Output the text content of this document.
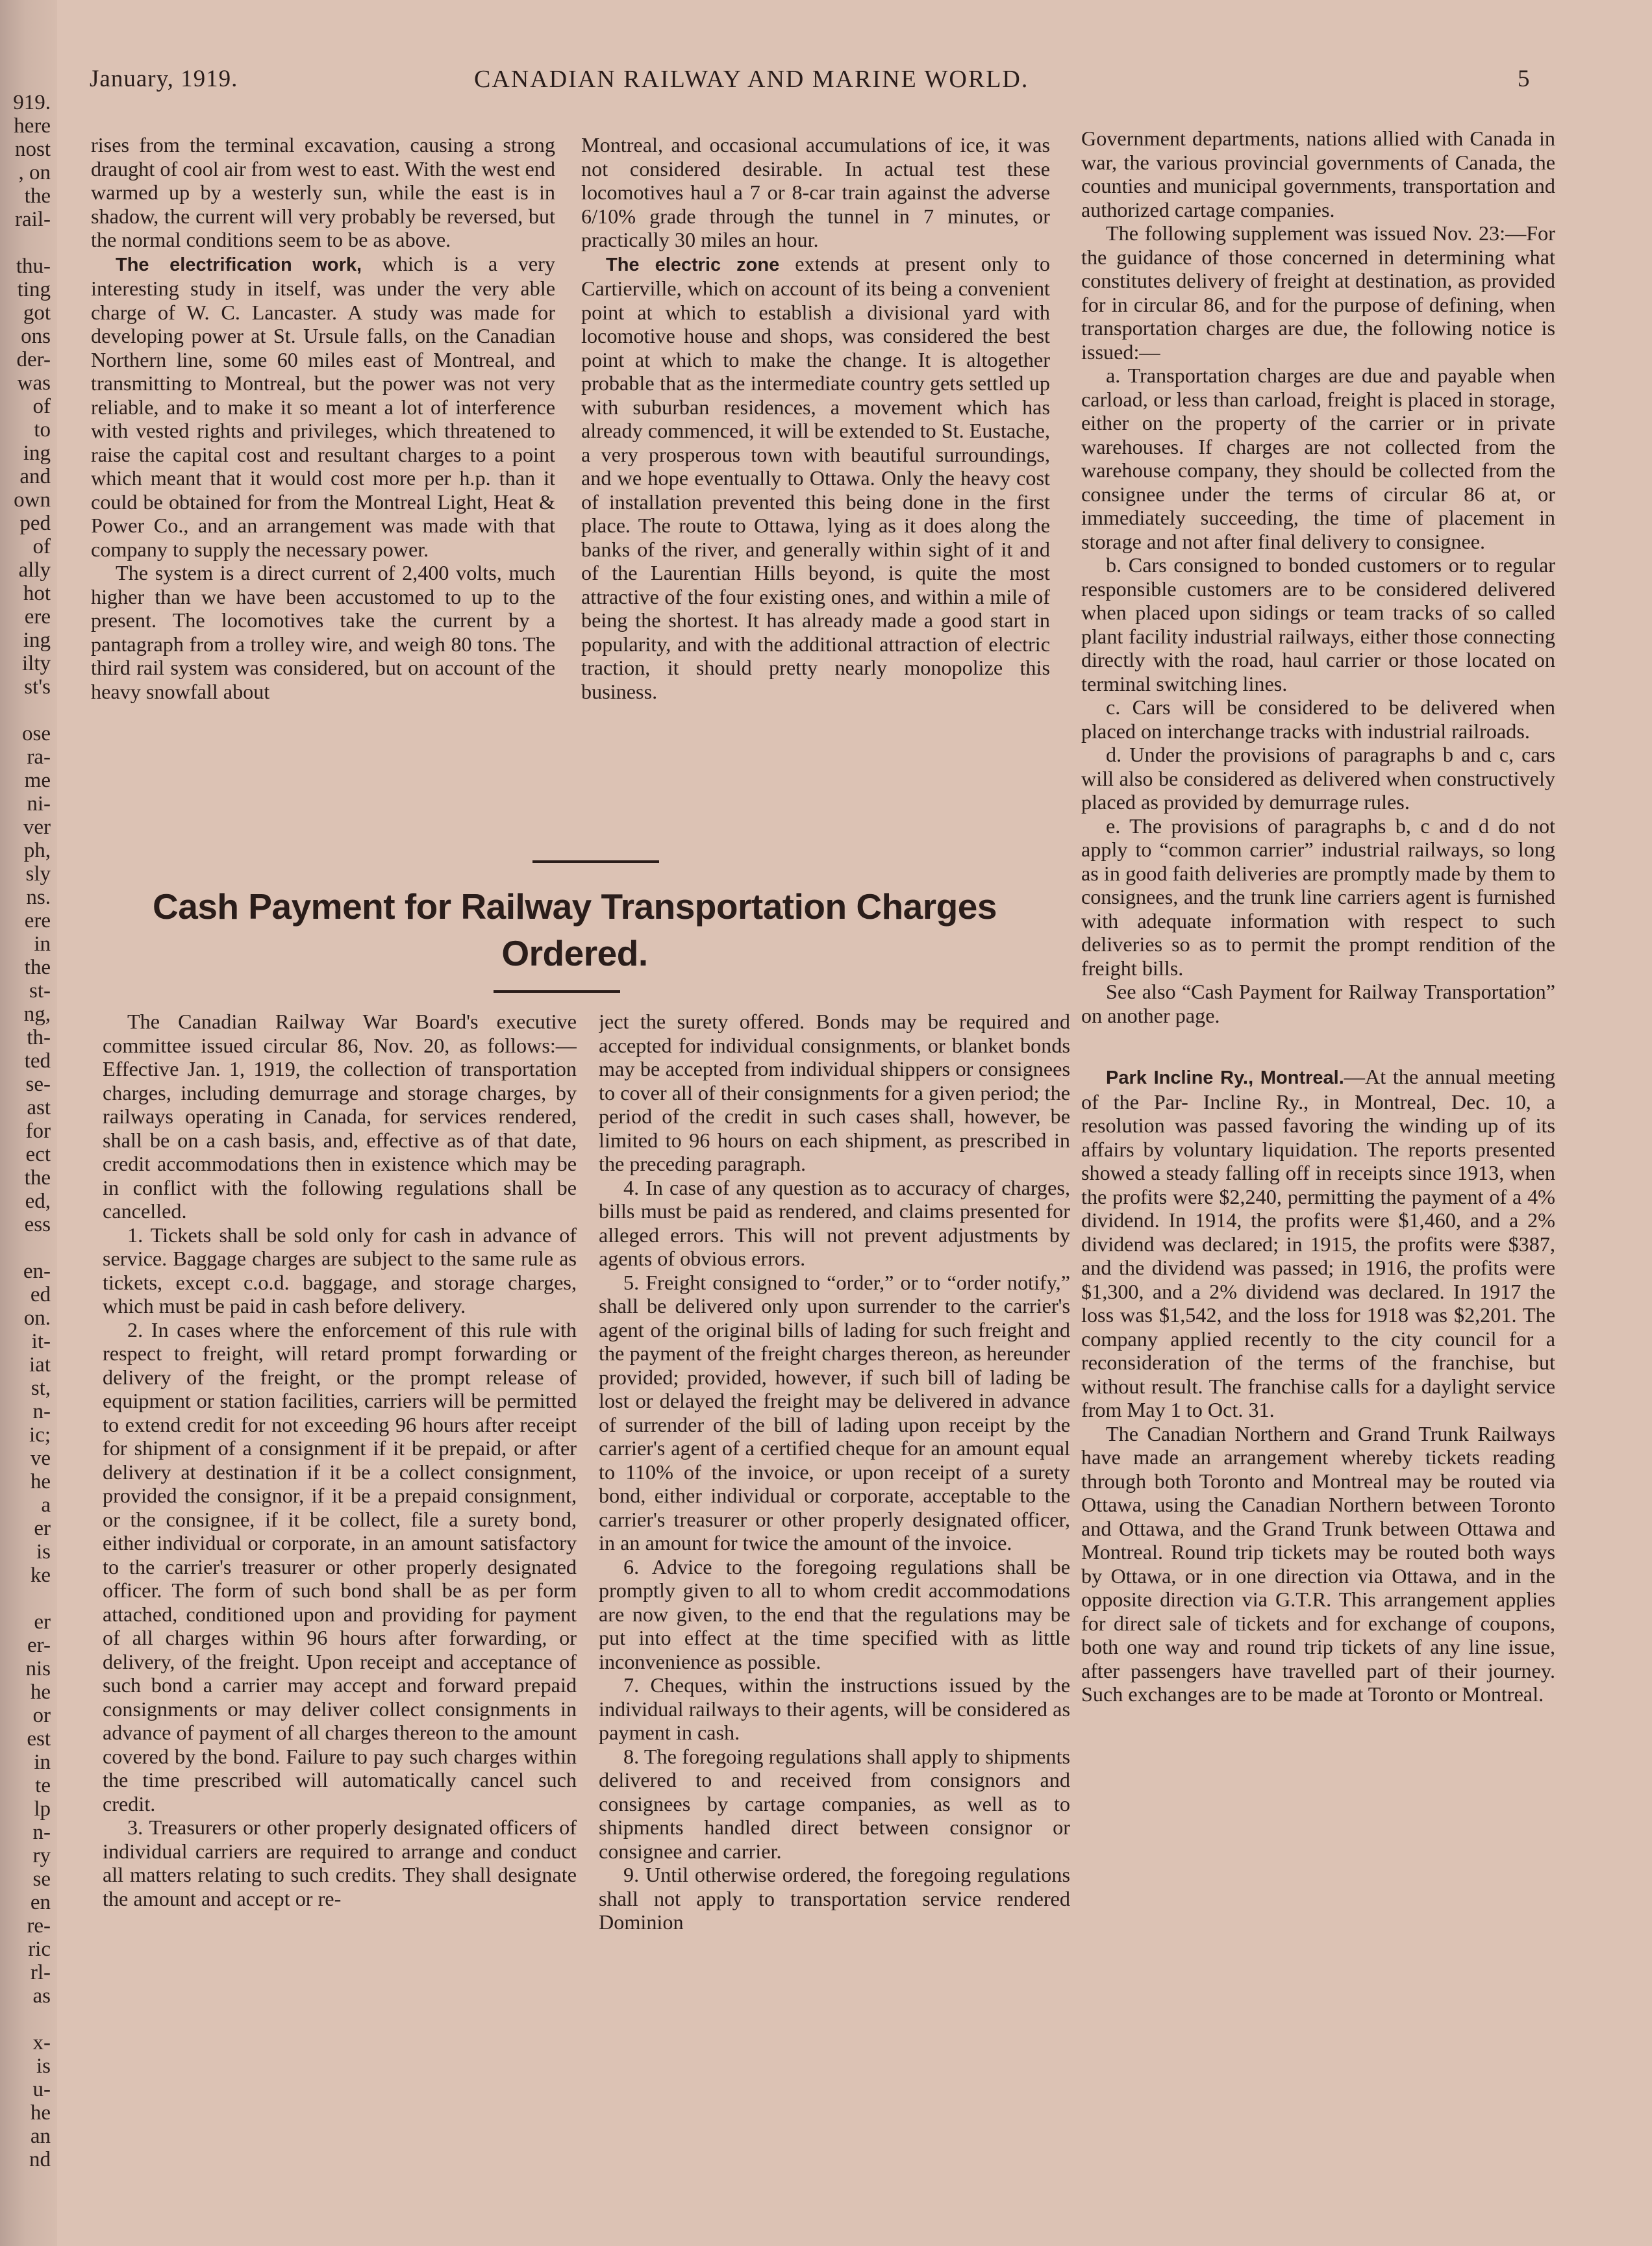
919.
here
nost
, on
the
rail-
thu-
ting
got
ons
der-
was
of
to
ing
and
own
ped
of
ally
hot
ere
ing
ilty
st's
ose
ra-
me
ni-
ver
ph,
sly
ns.
ere
in
the
st-
ng,
th-
ted
se-
ast
for
ect
the
ed,
ess
en-
ed
on.
it-
iat
st,
n-
ic;
ve
he
a
er
is
ke
er
er-
nis
he
or
est
in
te
lp
n-
ry
se
en
re-
ric
rl-
as
x-
is
u-
he
an
nd
January, 1919.	CANADIAN RAILWAY AND MARINE WORLD.	5

rises from the terminal excavation, causing a strong draught of cool air from west to east. With the west end warmed up by a westerly sun, while the east is in shadow, the current will very probably be reversed, but the normal conditions seem to be as above.

The electrification work, which is a very interesting study in itself, was under the very able charge of W. C. Lancaster. A study was made for developing power at St. Ursule falls, on the Canadian Northern line, some 60 miles east of Montreal, and transmitting to Montreal, but the power was not very reliable, and to make it so meant a lot of interference with vested rights and privileges, which threatened to raise the capital cost and resultant charges to a point which meant that it would cost more per h.p. than it could be obtained for from the Montreal Light, Heat & Power Co., and an arrangement was made with that company to supply the necessary power.

The system is a direct current of 2,400 volts, much higher than we have been accustomed to up to the present. The locomotives take the current by a pantagraph from a trolley wire, and weigh 80 tons. The third rail system was considered, but on account of the heavy snowfall about

Montreal, and occasional accumulations of ice, it was not considered desirable. In actual test these locomotives haul a 7 or 8-car train against the adverse 6/10% grade through the tunnel in 7 minutes, or practically 30 miles an hour.

The electric zone extends at present only to Cartierville, which on account of its being a convenient point at which to establish a divisional yard with locomotive house and shops, was considered the best point at which to make the change. It is altogether probable that as the intermediate country gets settled up with suburban residences, a movement which has already commenced, it will be extended to St. Eustache, a very prosperous town with beautiful surroundings, and we hope eventually to Ottawa. Only the heavy cost of installation prevented this being done in the first place. The route to Ottawa, lying as it does along the banks of the river, and generally within sight of it and of the Laurentian Hills beyond, is quite the most attractive of the four existing ones, and within a mile of being the shortest. It has already made a good start in popularity, and with the additional attraction of electric traction, it should pretty nearly monopolize this business.

Cash Payment for Railway Transportation Charges Ordered.

The Canadian Railway War Board's executive committee issued circular 86, Nov. 20, as follows:—Effective Jan. 1, 1919, the collection of transportation charges, including demurrage and storage charges, by railways operating in Canada, for services rendered, shall be on a cash basis, and, effective as of that date, credit accommodations then in existence which may be in conflict with the following regulations shall be cancelled.

1. Tickets shall be sold only for cash in advance of service. Baggage charges are subject to the same rule as tickets, except c.o.d. baggage, and storage charges, which must be paid in cash before delivery.

2. In cases where the enforcement of this rule with respect to freight, will retard prompt forwarding or delivery of the freight, or the prompt release of equipment or station facilities, carriers will be permitted to extend credit for not exceeding 96 hours after receipt for shipment of a consignment if it be prepaid, or after delivery at destination if it be a collect consignment, provided the consignor, if it be a prepaid consignment, or the consignee, if it be collect, file a surety bond, either individual or corporate, in an amount satisfactory to the carrier's treasurer or other properly designated officer. The form of such bond shall be as per form attached, conditioned upon and providing for payment of all charges within 96 hours after forwarding, or delivery, of the freight. Upon receipt and acceptance of such bond a carrier may accept and forward prepaid consignments or may deliver collect consignments in advance of payment of all charges thereon to the amount covered by the bond. Failure to pay such charges within the time prescribed will automatically cancel such credit.

3. Treasurers or other properly designated officers of individual carriers are required to arrange and conduct all matters relating to such credits. They shall designate the amount and accept or re-

ject the surety offered. Bonds may be required and accepted for individual consignments, or blanket bonds may be accepted from individual shippers or consignees to cover all of their consignments for a given period; the period of the credit in such cases shall, however, be limited to 96 hours on each shipment, as prescribed in the preceding paragraph.

4. In case of any question as to accuracy of charges, bills must be paid as rendered, and claims presented for alleged errors. This will not prevent adjustments by agents of obvious errors.

5. Freight consigned to “order,” or to “order notify,” shall be delivered only upon surrender to the carrier's agent of the original bills of lading for such freight and the payment of the freight charges thereon, as hereunder provided; provided, however, if such bill of lading be lost or delayed the freight may be delivered in advance of surrender of the bill of lading upon receipt by the carrier's agent of a certified cheque for an amount equal to 110% of the invoice, or upon receipt of a surety bond, either individual or corporate, acceptable to the carrier's treasurer or other properly designated officer, in an amount for twice the amount of the invoice.

6. Advice to the foregoing regulations shall be promptly given to all to whom credit accommodations are now given, to the end that the regulations may be put into effect at the time specified with as little inconvenience as possible.

7. Cheques, within the instructions issued by the individual railways to their agents, will be considered as payment in cash.

8. The foregoing regulations shall apply to shipments delivered to and received from consignors and consignees by cartage companies, as well as to shipments handled direct between consignor or consignee and carrier.

9. Until otherwise ordered, the foregoing regulations shall not apply to transportation service rendered Dominion

Government departments, nations allied with Canada in war, the various provincial governments of Canada, the counties and municipal governments, transportation and authorized cartage companies.

The following supplement was issued Nov. 23:—For the guidance of those concerned in determining what constitutes delivery of freight at destination, as provided for in circular 86, and for the purpose of defining, when transportation charges are due, the following notice is issued:—

a. Transportation charges are due and payable when carload, or less than carload, freight is placed in storage, either on the property of the carrier or in private warehouses. If charges are not collected from the warehouse company, they should be collected from the consignee under the terms of circular 86 at, or immediately succeeding, the time of placement in storage and not after final delivery to consignee.

b. Cars consigned to bonded customers or to regular responsible customers are to be considered delivered when placed upon sidings or team tracks of so called plant facility industrial railways, either those connecting directly with the road, haul carrier or those located on terminal switching lines.

c. Cars will be considered to be delivered when placed on interchange tracks with industrial railroads.

d. Under the provisions of paragraphs b and c, cars will also be considered as delivered when constructively placed as provided by demurrage rules.

e. The provisions of paragraphs b, c and d do not apply to “common carrier” industrial railways, so long as in good faith deliveries are promptly made by them to consignees, and the trunk line carriers agent is furnished with adequate information with respect to such deliveries so as to permit the prompt rendition of the freight bills.

See also “Cash Payment for Railway Transportation” on another page.

Park Incline Ry., Montreal.—At the annual meeting of the Par- Incline Ry., in Montreal, Dec. 10, a resolution was passed favoring the winding up of its affairs by voluntary liquidation. The reports presented showed a steady falling off in receipts since 1913, when the profits were $2,240, permitting the payment of a 4% dividend. In 1914, the profits were $1,460, and a 2% dividend was declared; in 1915, the profits were $387, and the dividend was passed; in 1916, the profits were $1,300, and a 2% dividend was declared. In 1917 the loss was $1,542, and the loss for 1918 was $2,201. The company applied recently to the city council for a reconsideration of the terms of the franchise, but without result. The franchise calls for a daylight service from May 1 to Oct. 31.

The Canadian Northern and Grand Trunk Railways have made an arrangement whereby tickets reading through both Toronto and Montreal may be routed via Ottawa, using the Canadian Northern between Toronto and Ottawa, and the Grand Trunk between Ottawa and Montreal. Round trip tickets may be routed both ways by Ottawa, or in one direction via Ottawa, and in the opposite direction via G.T.R. This arrangement applies for direct sale of tickets and for exchange of coupons, both one way and round trip tickets of any line issue, after passengers have travelled part of their journey. Such exchanges are to be made at Toronto or Montreal.
